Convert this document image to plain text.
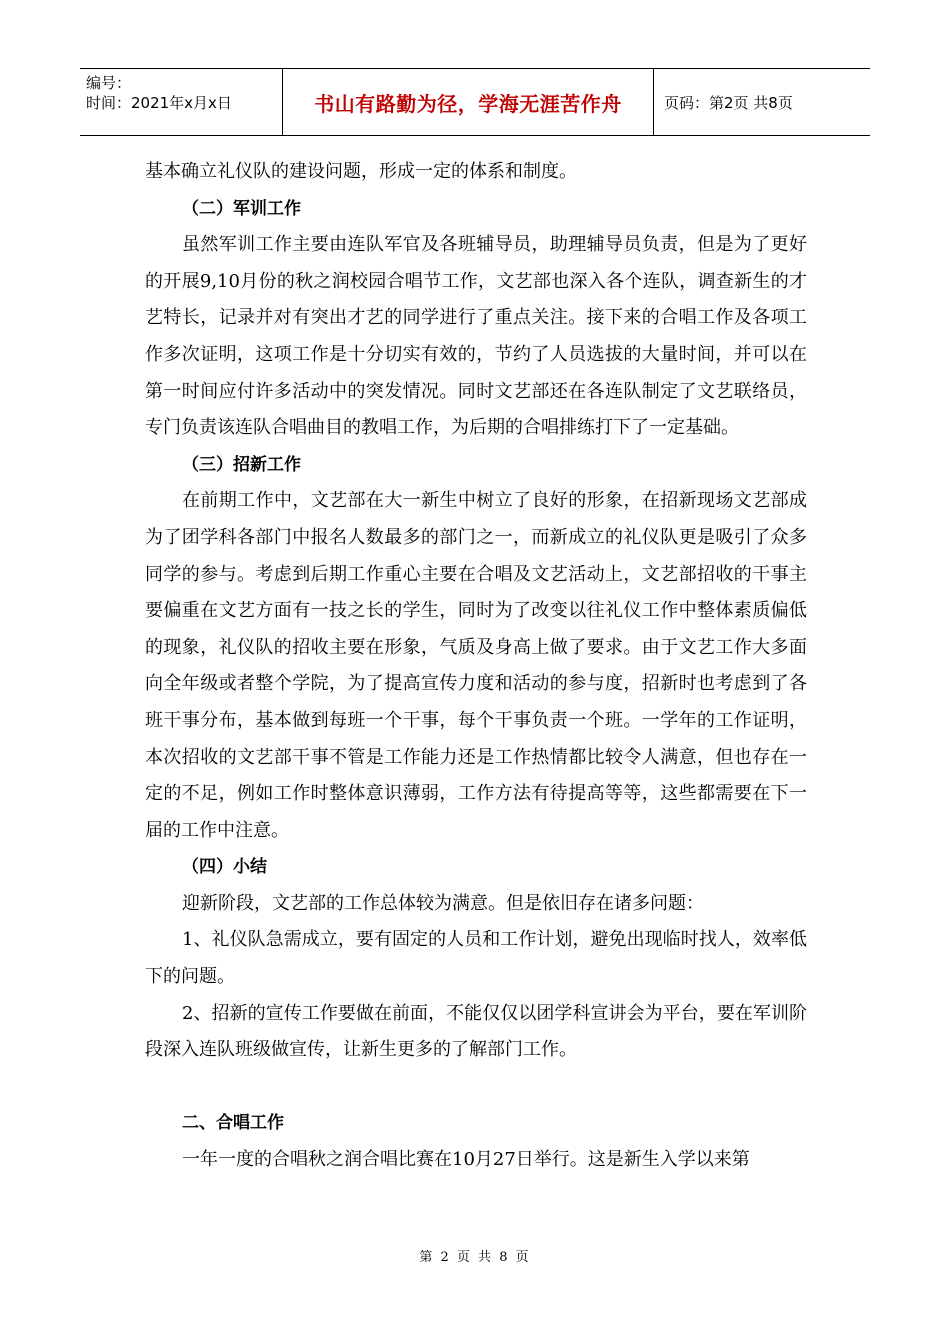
编号：
时间：2021年x月x日	书山有路勤为径，学海无涯苦作舟	页码：第2页 共8页

基本确立礼仪队的建设问题，形成一定的体系和制度。

（二）军训工作

虽然军训工作主要由连队军官及各班辅导员，助理辅导员负责，但是为了更好的开展9,10月份的秋之润校园合唱节工作，文艺部也深入各个连队，调查新生的才艺特长，记录并对有突出才艺的同学进行了重点关注。接下来的合唱工作及各项工作多次证明，这项工作是十分切实有效的，节约了人员选拔的大量时间，并可以在第一时间应付许多活动中的突发情况。同时文艺部还在各连队制定了文艺联络员，专门负责该连队合唱曲目的教唱工作，为后期的合唱排练打下了一定基础。

（三）招新工作

在前期工作中，文艺部在大一新生中树立了良好的形象，在招新现场文艺部成为了团学科各部门中报名人数最多的部门之一，而新成立的礼仪队更是吸引了众多同学的参与。考虑到后期工作重心主要在合唱及文艺活动上，文艺部招收的干事主要偏重在文艺方面有一技之长的学生，同时为了改变以往礼仪工作中整体素质偏低的现象，礼仪队的招收主要在形象，气质及身高上做了要求。由于文艺工作大多面向全年级或者整个学院，为了提高宣传力度和活动的参与度，招新时也考虑到了各班干事分布，基本做到每班一个干事，每个干事负责一个班。一学年的工作证明，本次招收的文艺部干事不管是工作能力还是工作热情都比较令人满意，但也存在一定的不足，例如工作时整体意识薄弱，工作方法有待提高等等，这些都需要在下一届的工作中注意。

（四）小结

迎新阶段，文艺部的工作总体较为满意。但是依旧存在诸多问题：

1、礼仪队急需成立，要有固定的人员和工作计划，避免出现临时找人，效率低下的问题。

2、招新的宣传工作要做在前面，不能仅仅以团学科宣讲会为平台，要在军训阶段深入连队班级做宣传，让新生更多的了解部门工作。

二、合唱工作

一年一度的合唱秋之润合唱比赛在10月27日举行。这是新生入学以来第

第 2 页 共 8 页
